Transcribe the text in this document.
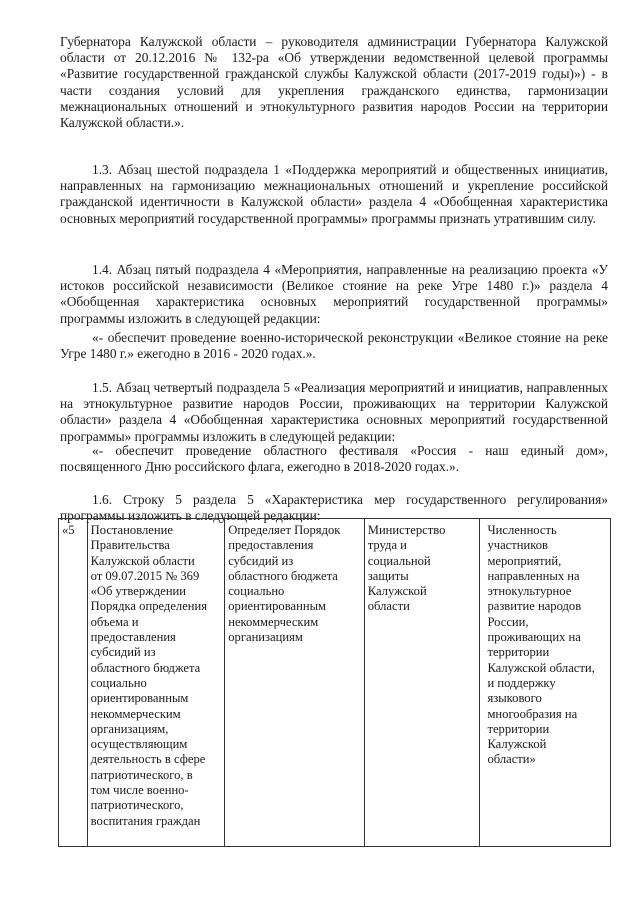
Губернатора Калужской области – руководителя администрации Губернатора Калужской области от 20.12.2016 № 132-ра «Об утверждении ведомственной целевой программы «Развитие государственной гражданской службы Калужской области (2017-2019 годы)») - в части создания условий для укрепления гражданского единства, гармонизации межнациональных отношений и этнокультурного развития народов России на территории Калужской области.».

1.3. Абзац шестой подраздела 1 «Поддержка мероприятий и общественных инициатив, направленных на гармонизацию межнациональных отношений и укрепление российской гражданской идентичности в Калужской области» раздела 4 «Обобщенная характеристика основных мероприятий государственной программы» программы признать утратившим силу.

1.4. Абзац пятый подраздела 4 «Мероприятия, направленные на реализацию проекта «У истоков российской независимости (Великое стояние на реке Угре 1480 г.)» раздела 4 «Обобщенная характеристика основных мероприятий государственной программы» программы изложить в следующей редакции:

«- обеспечит проведение военно-исторической реконструкции «Великое стояние на реке Угре 1480 г.» ежегодно в 2016 - 2020 годах.».

1.5. Абзац четвертый подраздела 5 «Реализация мероприятий и инициатив, направленных на этнокультурное развитие народов России, проживающих на территории Калужской области» раздела 4 «Обобщенная характеристика основных мероприятий государственной программы» программы изложить в следующей редакции:

«- обеспечит проведение областного фестиваля «Россия - наш единый дом», посвященного Дню российского флага, ежегодно в 2018-2020 годах.».

1.6. Строку 5 раздела 5 «Характеристика мер государственного регулирования» программы изложить в следующей редакции:

«5	Постановление
Правительства
Калужской области
от 09.07.2015 № 369
«Об утверждении
Порядка определения
объема и
предоставления
субсидий из
областного бюджета
социально
ориентированным
некоммерческим
организациям,
осуществляющим
деятельность в сфере
патриотического, в
том числе военно-
патриотического,
воспитания граждан

Определяет Порядок
предоставления
субсидий из
областного бюджета
социально
ориентированным
некоммерческим
организациям

Министерство
труда и
социальной
защиты
Калужской
области

Численность
участников
мероприятий,
направленных на
этнокультурное
развитие народов
России,
проживающих на
территории
Калужской области,
и поддержку
языкового
многообразия на
территории
Калужской
области»
